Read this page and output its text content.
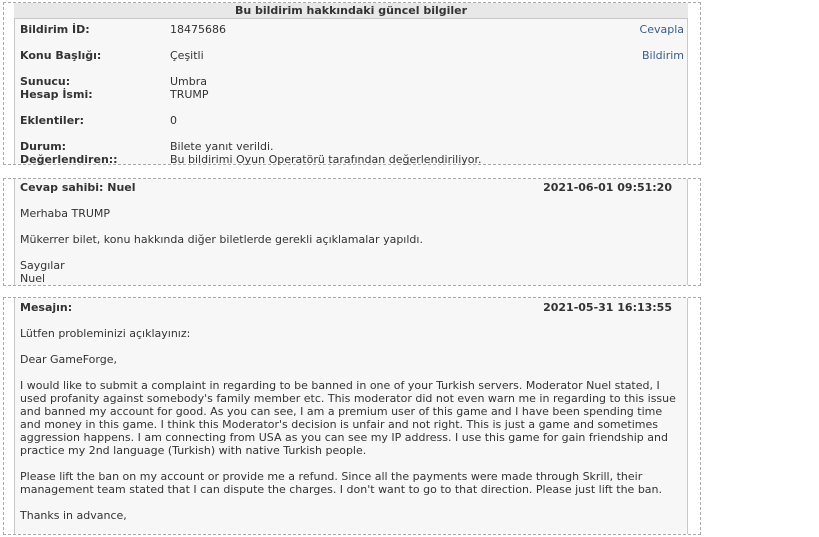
Bu bildirim hakkındaki güncel bilgiler
Bildirim İD:	18475686	Cevapla
Konu Başlığı:	Çeşitli	Bildirim
Sunucu:	Umbra
Hesap İsmi:	TRUMP
Eklentiler:	0
Durum:	Bilete yanıt verildi.
Değerlendiren::	Bu bildirimi Oyun Operatörü tarafından değerlendiriliyor.
Cevap sahibi: Nuel	2021-06-01 09:51:20
Merhaba TRUMP
Mükerrer bilet, konu hakkında diğer biletlerde gerekli açıklamalar yapıldı.
Saygılar
Nuel
Mesajın:	2021-05-31 16:13:55
Lütfen probleminizi açıklayınız:
Dear GameForge,
I would like to submit a complaint in regarding to be banned in one of your Turkish servers. Moderator Nuel stated, I used profanity against somebody's family member etc. This moderator did not even warn me in regarding to this issue and banned my account for good. As you can see, I am a premium user of this game and I have been spending time and money in this game. I think this Moderator's decision is unfair and not right. This is just a game and sometimes aggression happens. I am connecting from USA as you can see my IP address. I use this game for gain friendship and practice my 2nd language (Turkish) with native Turkish people.
Please lift the ban on my account or provide me a refund. Since all the payments were made through Skrill, their management team stated that I can dispute the charges. I don't want to go to that direction. Please just lift the ban.
Thanks in advance,
